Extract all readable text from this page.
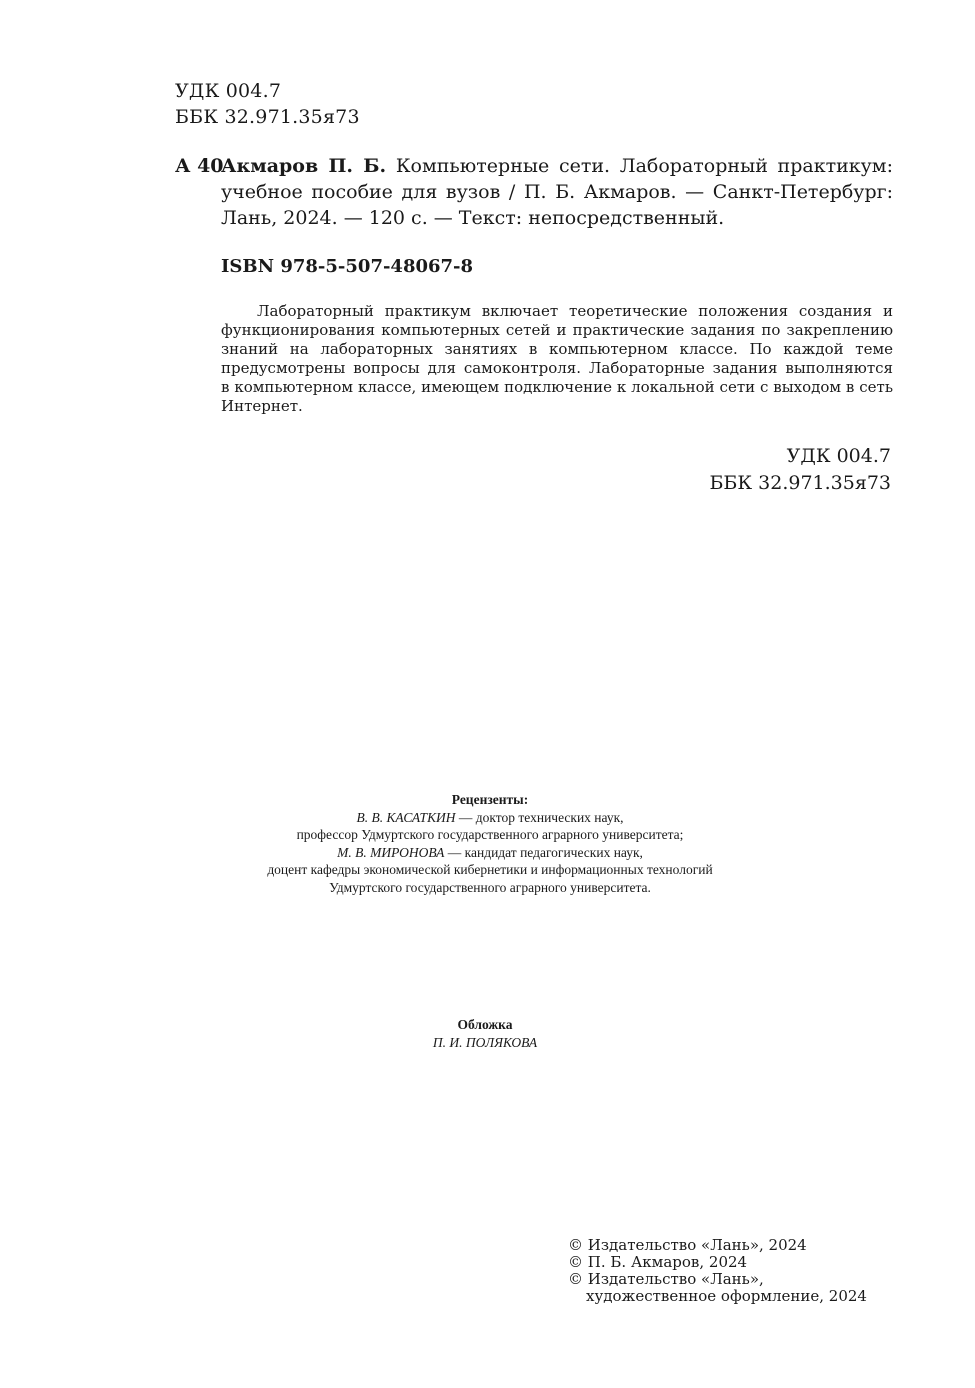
УДК 004.7
ББК 32.971.35я73
А 40
Акмаров П. Б. Компьютерные сети. Лабораторный практикум:
учебное пособие для вузов / П. Б. Акмаров. — Санкт-Петербург:
Лань, 2024. — 120 с. — Текст: непосредственный.
ISBN 978-5-507-48067-8
Лабораторный практикум включает теоретические положения создания и
функционирования компьютерных сетей и практические задания по закреплению
знаний на лабораторных занятиях в компьютерном классе. По каждой теме
предусмотрены вопросы для самоконтроля. Лабораторные задания выполняются
в компьютерном классе, имеющем подключение к локальной сети с выходом в сеть
Интернет.
УДК 004.7
ББК 32.971.35я73
Рецензенты:
В. В. КАСАТКИН — доктор технических наук,
профессор Удмуртского государственного аграрного университета;
М. В. МИРОНОВА — кандидат педагогических наук,
доцент кафедры экономической кибернетики и информационных технологий
Удмуртского государственного аграрного университета.
Обложка
П. И. ПОЛЯКОВА
© Издательство «Лань», 2024
© П. Б. Акмаров, 2024
© Издательство «Лань»,
художественное оформление, 2024
